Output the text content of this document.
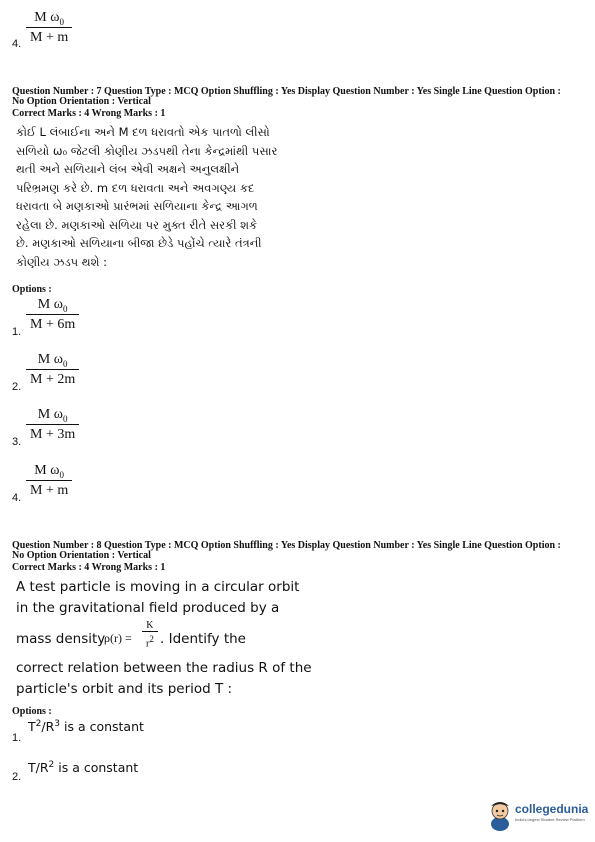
$\frac{M \omega_0}{M + m}$
4.
Question Number : 7 Question Type : MCQ Option Shuffling : Yes Display Question Number : Yes Single Line Question Option :
No Option Orientation : Vertical
Correct Marks : 4 Wrong Marks : 1
કોઈ L લંબાઈના અને M દળ ધરાવતો એક પાતળો લીસો
સળિયો ω₀ જેટલી કોણીય ઝડપથી તેના કેન્દ્રમાંથી પસાર
થતી અને સળિયાને લંબ એવી અક્ષને અનુલક્ષીને
પરિભ્રમણ કરે છે. m દળ ધરાવતા અને અવગણ્ય કદ
ધરાવતા બે મણકાઓ પ્રારંભમાં સળિયાના કેન્દ્ર આગળ
રહેલા છે. મણકાઓ સળિયા પર મુક્ત રીતે સરકી શકે
છે. મણકાઓ સળિયાના બીજા છેડે પહોંચે ત્યારે તંત્રની
કોણીય ઝડપ થશે :
Options :
$\frac{M \omega_0}{M + 6m}$
1.
$\frac{M \omega_0}{M + 2m}$
2.
$\frac{M \omega_0}{M + 3m}$
3.
$\frac{M \omega_0}{M + m}$
4.
Question Number : 8 Question Type : MCQ Option Shuffling : Yes Display Question Number : Yes Single Line Question Option :
No Option Orientation : Vertical
Correct Marks : 4 Wrong Marks : 1
A test particle is moving in a circular orbit
in the gravitational field produced by a
mass density
$\rho(r) = \frac{K}{r^2}$ . Identify the
correct relation between the radius R of the
particle's orbit and its period T :
Options :
$T^2/R^3$ is a constant
1.
$T/R^2$ is a constant
2.
collegedunia
India's largest Student Review Platform
